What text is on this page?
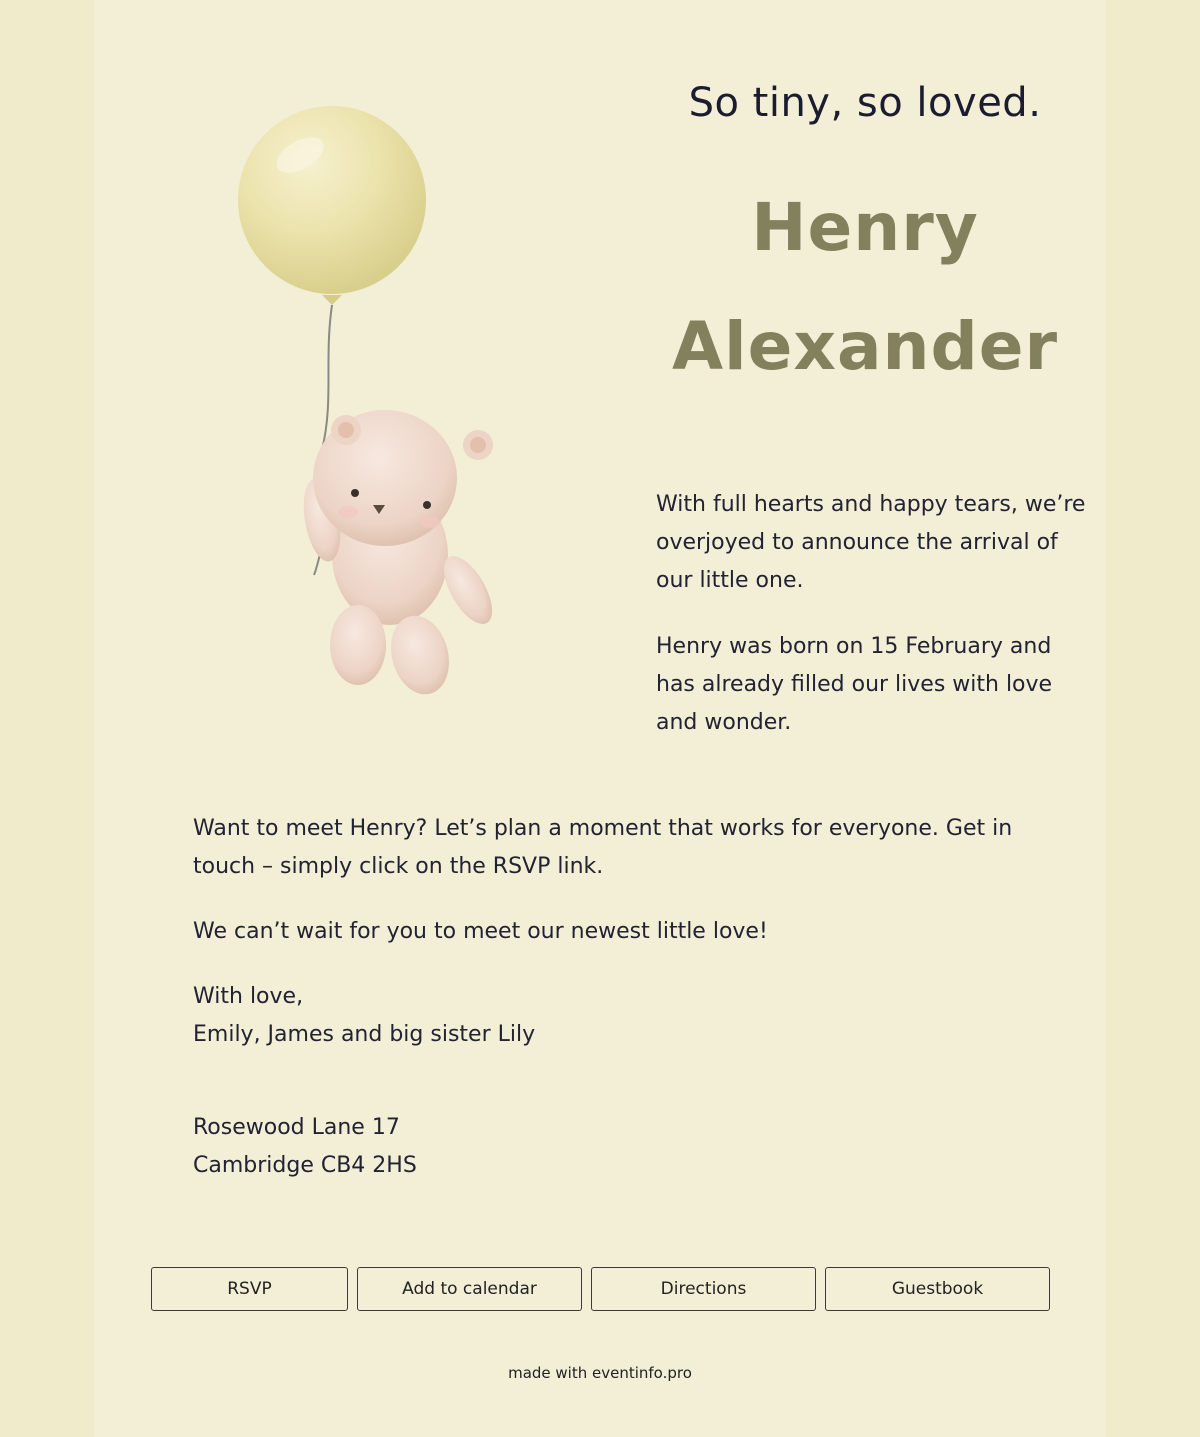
So tiny, so loved.
Henry
Alexander

With full hearts and happy tears, we’re overjoyed to announce the arrival of our little one.

Henry was born on 15 February and has already filled our lives with love and wonder.

Want to meet Henry? Let’s plan a moment that works for everyone. Get in touch – simply click on the RSVP link.

We can’t wait for you to meet our newest little love!

With love,
Emily, James and big sister Lily

Rosewood Lane 17
Cambridge CB4 2HS
RSVP	Add to calendar	Directions	Guestbook
made with eventinfo.pro
